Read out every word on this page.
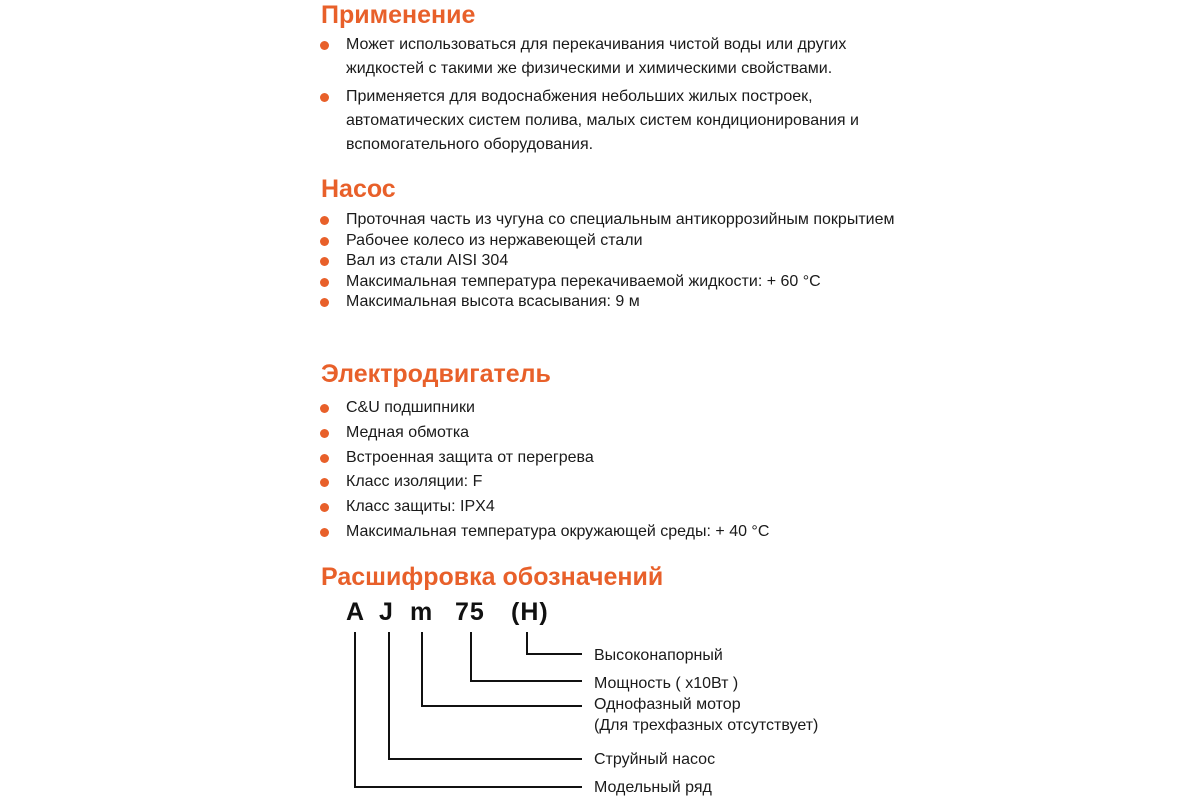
Применение
Может использоваться для перекачивания чистой воды или других жидкостей с такими же физическими и химическими свойствами.
Применяется для водоснабжения небольших жилых построек, автоматических систем полива, малых систем кондиционирования и вспомогательного оборудования.
Насос
Проточная часть из чугуна со специальным антикоррозийным покрытием
Рабочее колесо из нержавеющей стали
Вал из стали AISI 304
Максимальная температура перекачиваемой жидкости: + 60 °C
Максимальная высота всасывания: 9 м
Электродвигатель
C&U подшипники
Медная обмотка
Встроенная защита от перегрева
Класс изоляции: F
Класс защиты: IPX4
Максимальная температура окружающей среды: + 40 °C
Расшифровка обозначений
A J m 75 (H)
Высоконапорный
Мощность ( x10Вт )
Однофазный мотор
(Для трехфазных отсутствует)
Струйный насос
Модельный ряд
